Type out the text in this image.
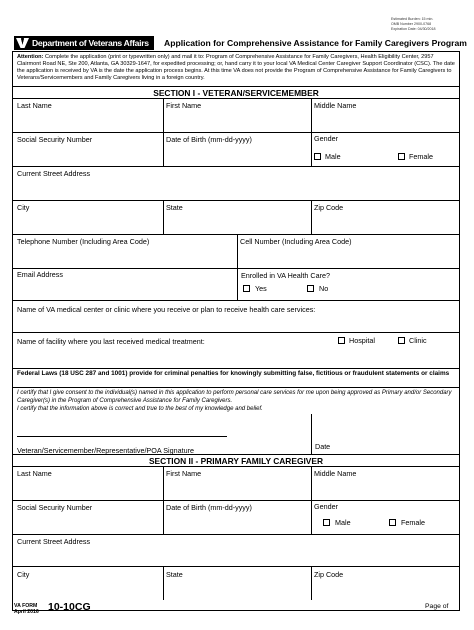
Estimated Burden: 15 min.
OMB Number 2900-0768
Expiration Date: 04/30/2018
Department of Veterans Affairs Application for Comprehensive Assistance for Family Caregivers Program
Attention: Complete the application (print or typewritten only) and mail it to: Program of Comprehensive Assistance for Family Caregivers, Health Eligibility Center, 2957 Clairmont Road NE, Ste 200, Atlanta, GA 30329-1647, for expedited processing; or, hand carry it to your local VA Medical Center Caregiver Support Coordinator (CSC). The date the application is received by VA is the date the application process begins. At this time VA does not provide the Program of Comprehensive Assistance for Family Caregivers to Veterans/Servicemembers and Family Caregivers living in a foreign country.
SECTION I - VETERAN/SERVICEMEMBER
Last Name	First Name	Middle Name
Social Security Number	Date of Birth (mm-dd-yyyy)	Gender
Male	Female
Current Street Address
City	State	Zip Code
Telephone Number (Including Area Code)	Cell Number (Including Area Code)
Email Address	Enrolled in VA Health Care?
Yes	No
Name of VA medical center or clinic where you receive or plan to receive health care services:
Name of facility where you last received medical treatment:	Hospital	Clinic
Federal Laws (18 USC 287 and 1001) provide for criminal penalties for knowingly submitting false, fictitious or fraudulent statements or claims
I certify that I give consent to the individual(s) named in this application to perform personal care services for me upon being approved as Primary and/or Secondary Caregiver(s) in the Program of Comprehensive Assistance for Family Caregivers.
I certify that the information above is correct and true to the best of my knowledge and belief.
Veteran/Servicemember/Representative/POA Signature	Date
SECTION II - PRIMARY FAMILY CAREGIVER
Last Name	First Name	Middle Name
Social Security Number	Date of Birth (mm-dd-yyyy)	Gender
Male	Female
Current Street Address
City	State	Zip Code
VA FORM
April 2016 10-10CG	Page of
